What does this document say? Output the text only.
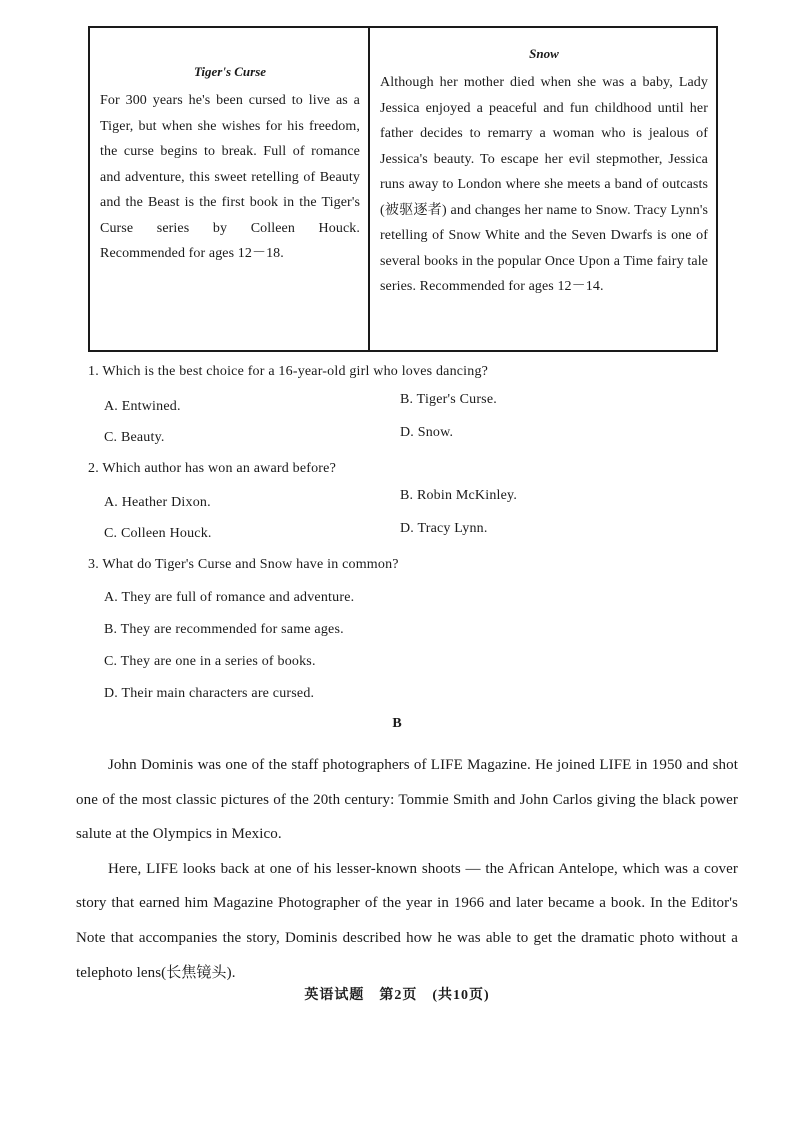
Tiger's Curse
For 300 years he's been cursed to live as a Tiger, but when she wishes for his freedom, the curse begins to break. Full of romance and adventure, this sweet retelling of Beauty and the Beast is the first book in the Tiger's Curse series by Colleen Houck. Recommended for ages 12－18.
Snow
Although her mother died when she was a baby, Lady Jessica enjoyed a peaceful and fun childhood until her father decides to remarry a woman who is jealous of Jessica's beauty. To escape her evil stepmother, Jessica runs away to London where she meets a band of outcasts (被驱逐者) and changes her name to Snow. Tracy Lynn's retelling of Snow White and the Seven Dwarfs is one of several books in the popular Once Upon a Time fairy tale series. Recommended for ages 12－14.
1. Which is the best choice for a 16-year-old girl who loves dancing?
A. Entwined.	B. Tiger's Curse.
C. Beauty.	D. Snow.
2. Which author has won an award before?
A. Heather Dixon.	B. Robin McKinley.
C. Colleen Houck.	D. Tracy Lynn.
3. What do Tiger's Curse and Snow have in common?
A. They are full of romance and adventure.
B. They are recommended for same ages.
C. They are one in a series of books.
D. Their main characters are cursed.
B

John Dominis was one of the staff photographers of LIFE Magazine. He joined LIFE in 1950 and shot one of the most classic pictures of the 20th century: Tommie Smith and John Carlos giving the black power salute at the Olympics in Mexico.

Here, LIFE looks back at one of his lesser-known shoots — the African Antelope, which was a cover story that earned him Magazine Photographer of the year in 1966 and later became a book. In the Editor's Note that accompanies the story, Dominis described how he was able to get the dramatic photo without a telephoto lens(长焦镜头).

英语试题　第2页　(共10页)
